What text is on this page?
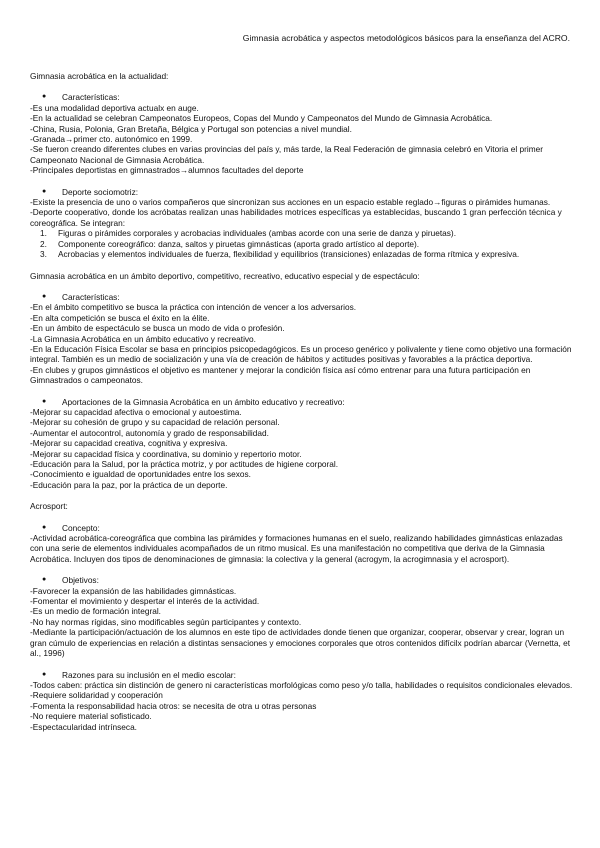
Gimnasia acrobática y aspectos metodológicos básicos para la enseñanza del ACRO.

Gimnasia acrobática en la actualidad:

● Características:

-Es una modalidad deportiva actualx en auge.

-En la actualidad se celebran Campeonatos Europeos, Copas del Mundo y Campeonatos del Mundo de Gimnasia Acrobática.

-China, Rusia, Polonia, Gran Bretaña, Bélgica y Portugal son potencias a nivel mundial.

-Granada→primer cto. autonómico en 1999.

-Se fueron creando diferentes clubes en varias provincias del país y, más tarde, la Real Federación de gimnasia celebró en Vitoria el primer Campeonato Nacional de Gimnasia Acrobática.

-Principales deportistas en gimnastrados→alumnos facultades del deporte

● Deporte sociomotriz:

-Existe la presencia de uno o varios compañeros que sincronizan sus acciones en un espacio estable reglado→figuras o pirámides humanas.

-Deporte cooperativo, donde los acróbatas realizan unas habilidades motrices específicas ya establecidas, buscando 1 gran perfección técnica y coreográfica. Se integran:

1. Figuras o pirámides corporales y acrobacias individuales (ambas acorde con una serie de danza y piruetas).
2. Componente coreográfico: danza, saltos y piruetas gimnásticas (aporta grado artístico al deporte).
3. Acrobacias y elementos individuales de fuerza, flexibilidad y equilibrios (transiciones) enlazadas de forma rítmica y expresiva.

Gimnasia acrobática en un ámbito deportivo, competitivo, recreativo, educativo especial y de espectáculo:

● Características:

-En el ámbito competitivo se busca la práctica con intención de vencer a los adversarios.

-En alta competición se busca el éxito en la élite.

-En un ámbito de espectáculo se busca un modo de vida o profesión.

-La Gimnasia Acrobática en un ámbito educativo y recreativo.

-En la Educación Física Escolar se basa en principios psicopedagógicos. Es un proceso genérico y polivalente y tiene como objetivo una formación integral. También es un medio de socialización y una vía de creación de hábitos y actitudes positivas y favorables a la práctica deportiva.

-En clubes y grupos gimnásticos el objetivo es mantener y mejorar la condición física así cómo entrenar para una futura participación en Gimnastrados o campeonatos.

● Aportaciones de la Gimnasia Acrobática en un ámbito educativo y recreativo:

-Mejorar su capacidad afectiva o emocional y autoestima.

-Mejorar su cohesión de grupo y su capacidad de relación personal.

-Aumentar el autocontrol, autonomía y grado de responsabilidad.

-Mejorar su capacidad creativa, cognitiva y expresiva.

-Mejorar su capacidad física y coordinativa, su dominio y repertorio motor.

-Educación para la Salud, por la práctica motriz, y por actitudes de higiene corporal.

-Conocimiento e igualdad de oportunidades entre los sexos.

-Educación para la paz, por la práctica de un deporte.

Acrosport:

● Concepto:

-Actividad acrobática-coreográfica que combina las pirámides y formaciones humanas en el suelo, realizando habilidades gimnásticas enlazadas con una serie de elementos individuales acompañados de un ritmo musical. Es una manifestación no competitiva que deriva de la Gimnasia Acrobática. Incluyen dos tipos de denominaciones de gimnasia: la colectiva y la general (acrogym, la acrogimnasia y el acrosport).

● Objetivos:

-Favorecer la expansión de las habilidades gimnásticas.

-Fomentar el movimiento y despertar el interés de la actividad.

-Es un medio de formación integral.

-No hay normas rígidas, sino modificables según participantes y contexto.

-Mediante la participación/actuación de los alumnos en este tipo de actividades donde tienen que organizar, cooperar, observar y crear, logran un gran cúmulo de experiencias en relación a distintas sensaciones y emociones corporales que otros contenidos difícilx podrían abarcar (Vernetta, et al., 1996)

● Razones para su inclusión en el medio escolar:

-Todos caben: práctica sin distinción de genero ni características morfológicas como peso y/o talla, habilidades o requisitos condicionales elevados.

-Requiere solidaridad y cooperación

-Fomenta la responsabilidad hacia otros: se necesita de otra u otras personas

-No requiere material sofisticado.

-Espectacularidad intrínseca.
